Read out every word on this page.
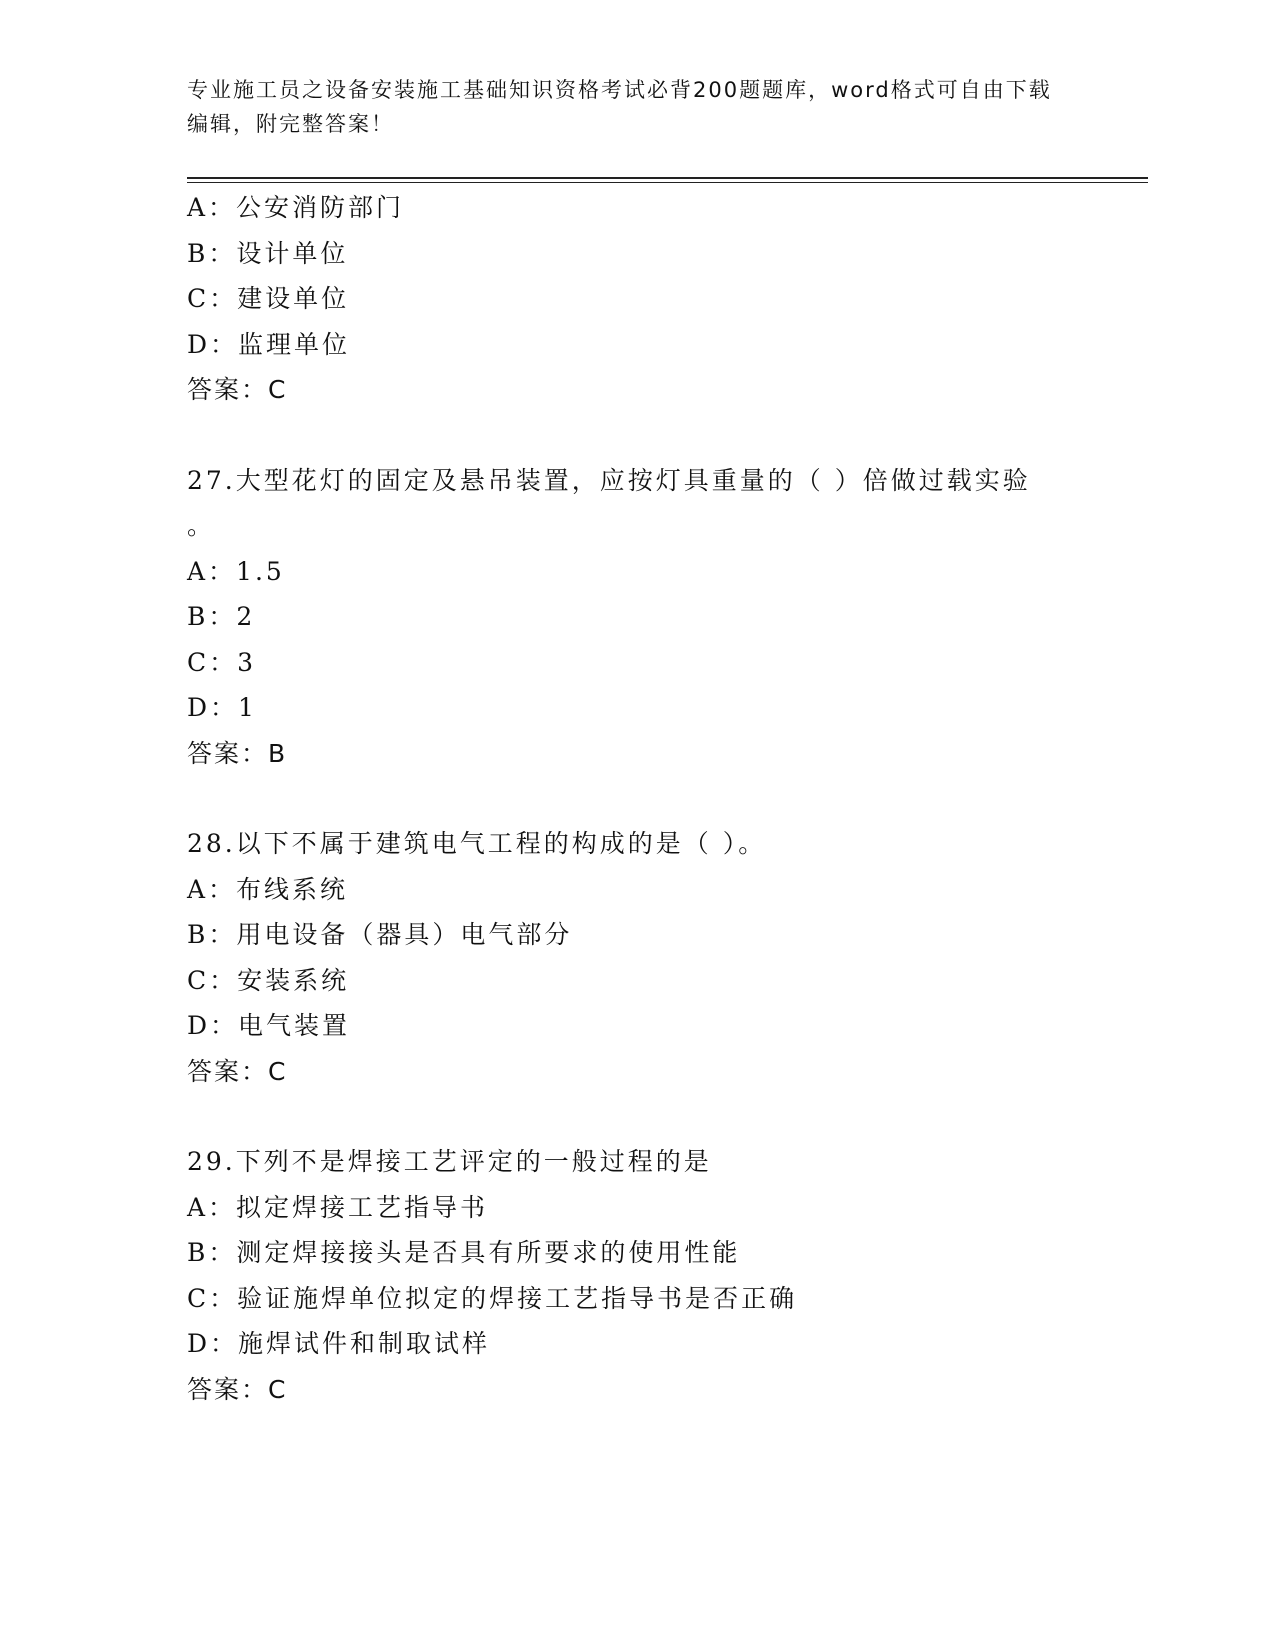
专业施工员之设备安装施工基础知识资格考试必背200题题库，word格式可自由下载编辑，附完整答案！
A：公安消防部门
B：设计单位
C：建设单位
D：监理单位
答案：C
27.大型花灯的固定及悬吊装置，应按灯具重量的（ ）倍做过载实验
。
A：1.5
B：2
C：3
D：1
答案：B
28.以下不属于建筑电气工程的构成的是（ ）。
A：布线系统
B：用电设备（器具）电气部分
C：安装系统
D：电气装置
答案：C
29.下列不是焊接工艺评定的一般过程的是
A：拟定焊接工艺指导书
B：测定焊接接头是否具有所要求的使用性能
C：验证施焊单位拟定的焊接工艺指导书是否正确
D：施焊试件和制取试样
答案：C
